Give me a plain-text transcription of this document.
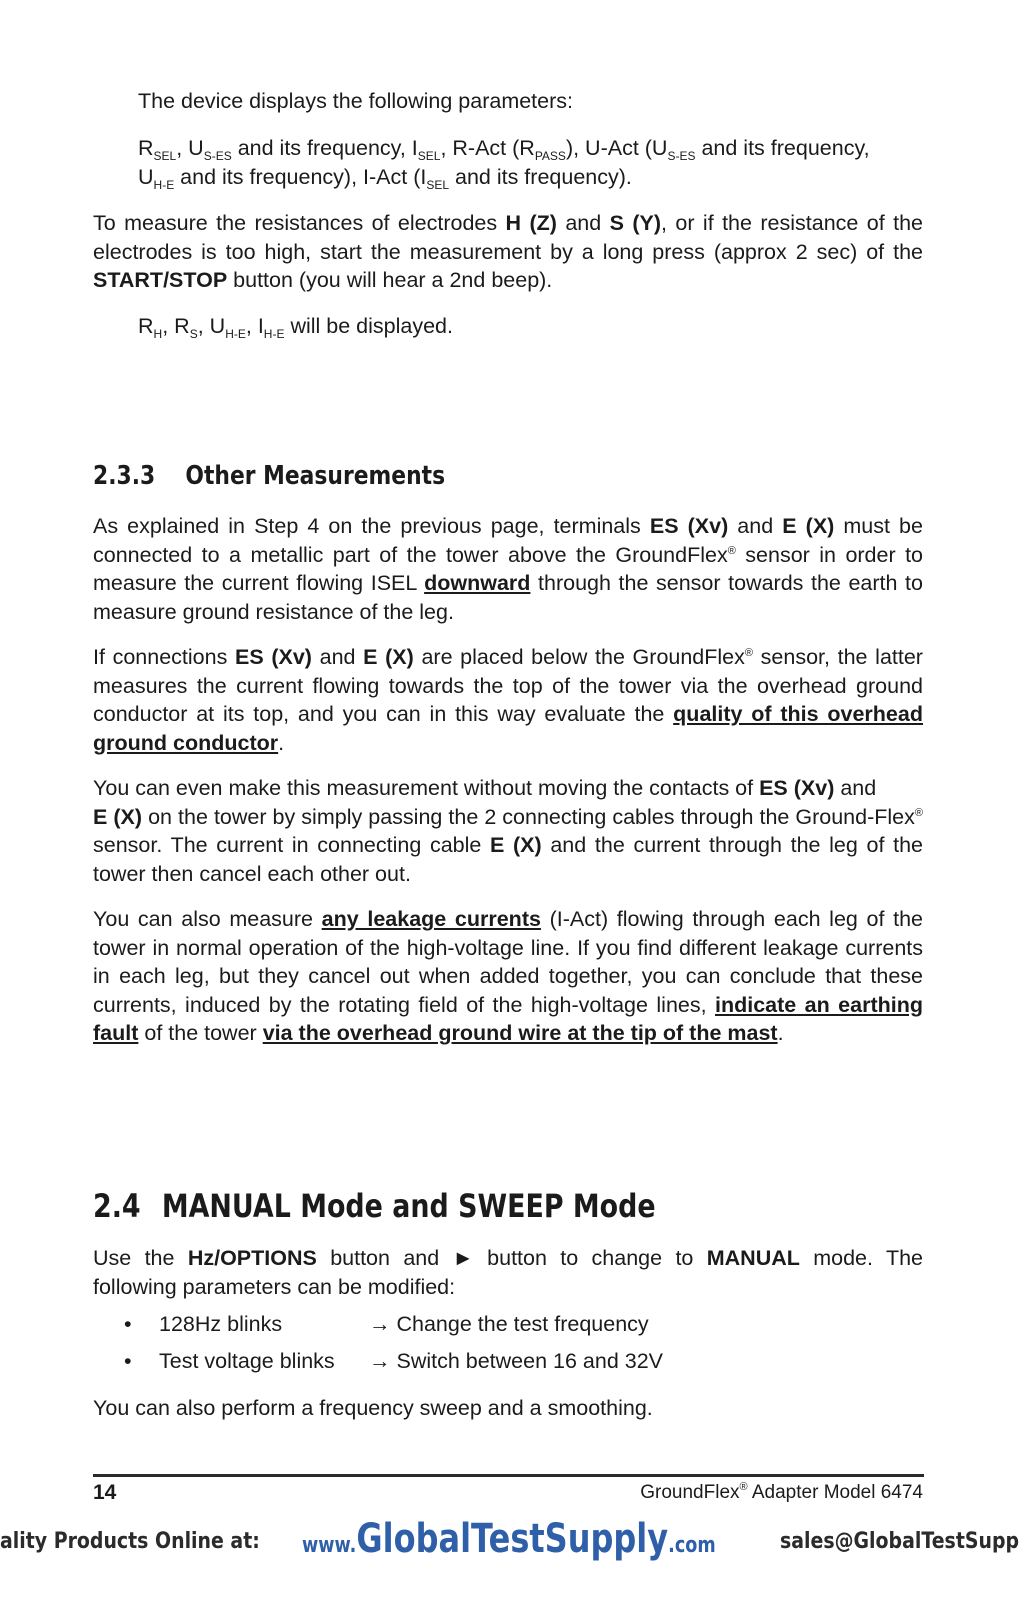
The device displays the following parameters:
$R_{SEL}$, $U_{S-ES}$ and its frequency, $I_{SEL}$, R-Act $(R_{PASS})$, U-Act ($U_{S-ES}$ and its frequency,
$U_{H-E}$ and its frequency), I-Act ($I_{SEL}$ and its frequency).
To measure the resistances of electrodes H (Z) and S (Y), or if the resistance of the electrodes is too high, start the measurement by a long press (approx 2 sec) of the START/STOP button (you will hear a 2nd beep).
$R_H$, $R_S$, $U_{H-E}$, $I_{H-E}$ will be displayed.
2.3.3 Other Measurements
As explained in Step 4 on the previous page, terminals ES (Xv) and E (X) must be connected to a metallic part of the tower above the GroundFlex® sensor in order to measure the current flowing ISEL downward through the sensor towards the earth to measure ground resistance of the leg.
If connections ES (Xv) and E (X) are placed below the GroundFlex® sensor, the latter measures the current flowing towards the top of the tower via the overhead ground conductor at its top, and you can in this way evaluate the quality of this overhead ground conductor.
You can even make this measurement without moving the contacts of ES (Xv) and
E (X) on the tower by simply passing the 2 connecting cables through the Ground-Flex® sensor. The current in connecting cable E (X) and the current through the leg of the tower then cancel each other out.
You can also measure any leakage currents (I-Act) flowing through each leg of the tower in normal operation of the high-voltage line. If you find different leakage currents in each leg, but they cancel out when added together, you can conclude that these currents, induced by the rotating field of the high-voltage lines, indicate an earthing fault of the tower via the overhead ground wire at the tip of the mast.
2.4 MANUAL Mode and SWEEP Mode
Use the Hz/OPTIONS button and ► button to change to MANUAL mode. The following parameters can be modified:
• 128Hz blinks	→ Change the test frequency
• Test voltage blinks → Switch between 16 and 32V
You can also perform a frequency sweep and a smoothing.
14	GroundFlex® Adapter Model 6474
ality Products Online at: www.GlobalTestSupply.com	sales@GlobalTestSupp
